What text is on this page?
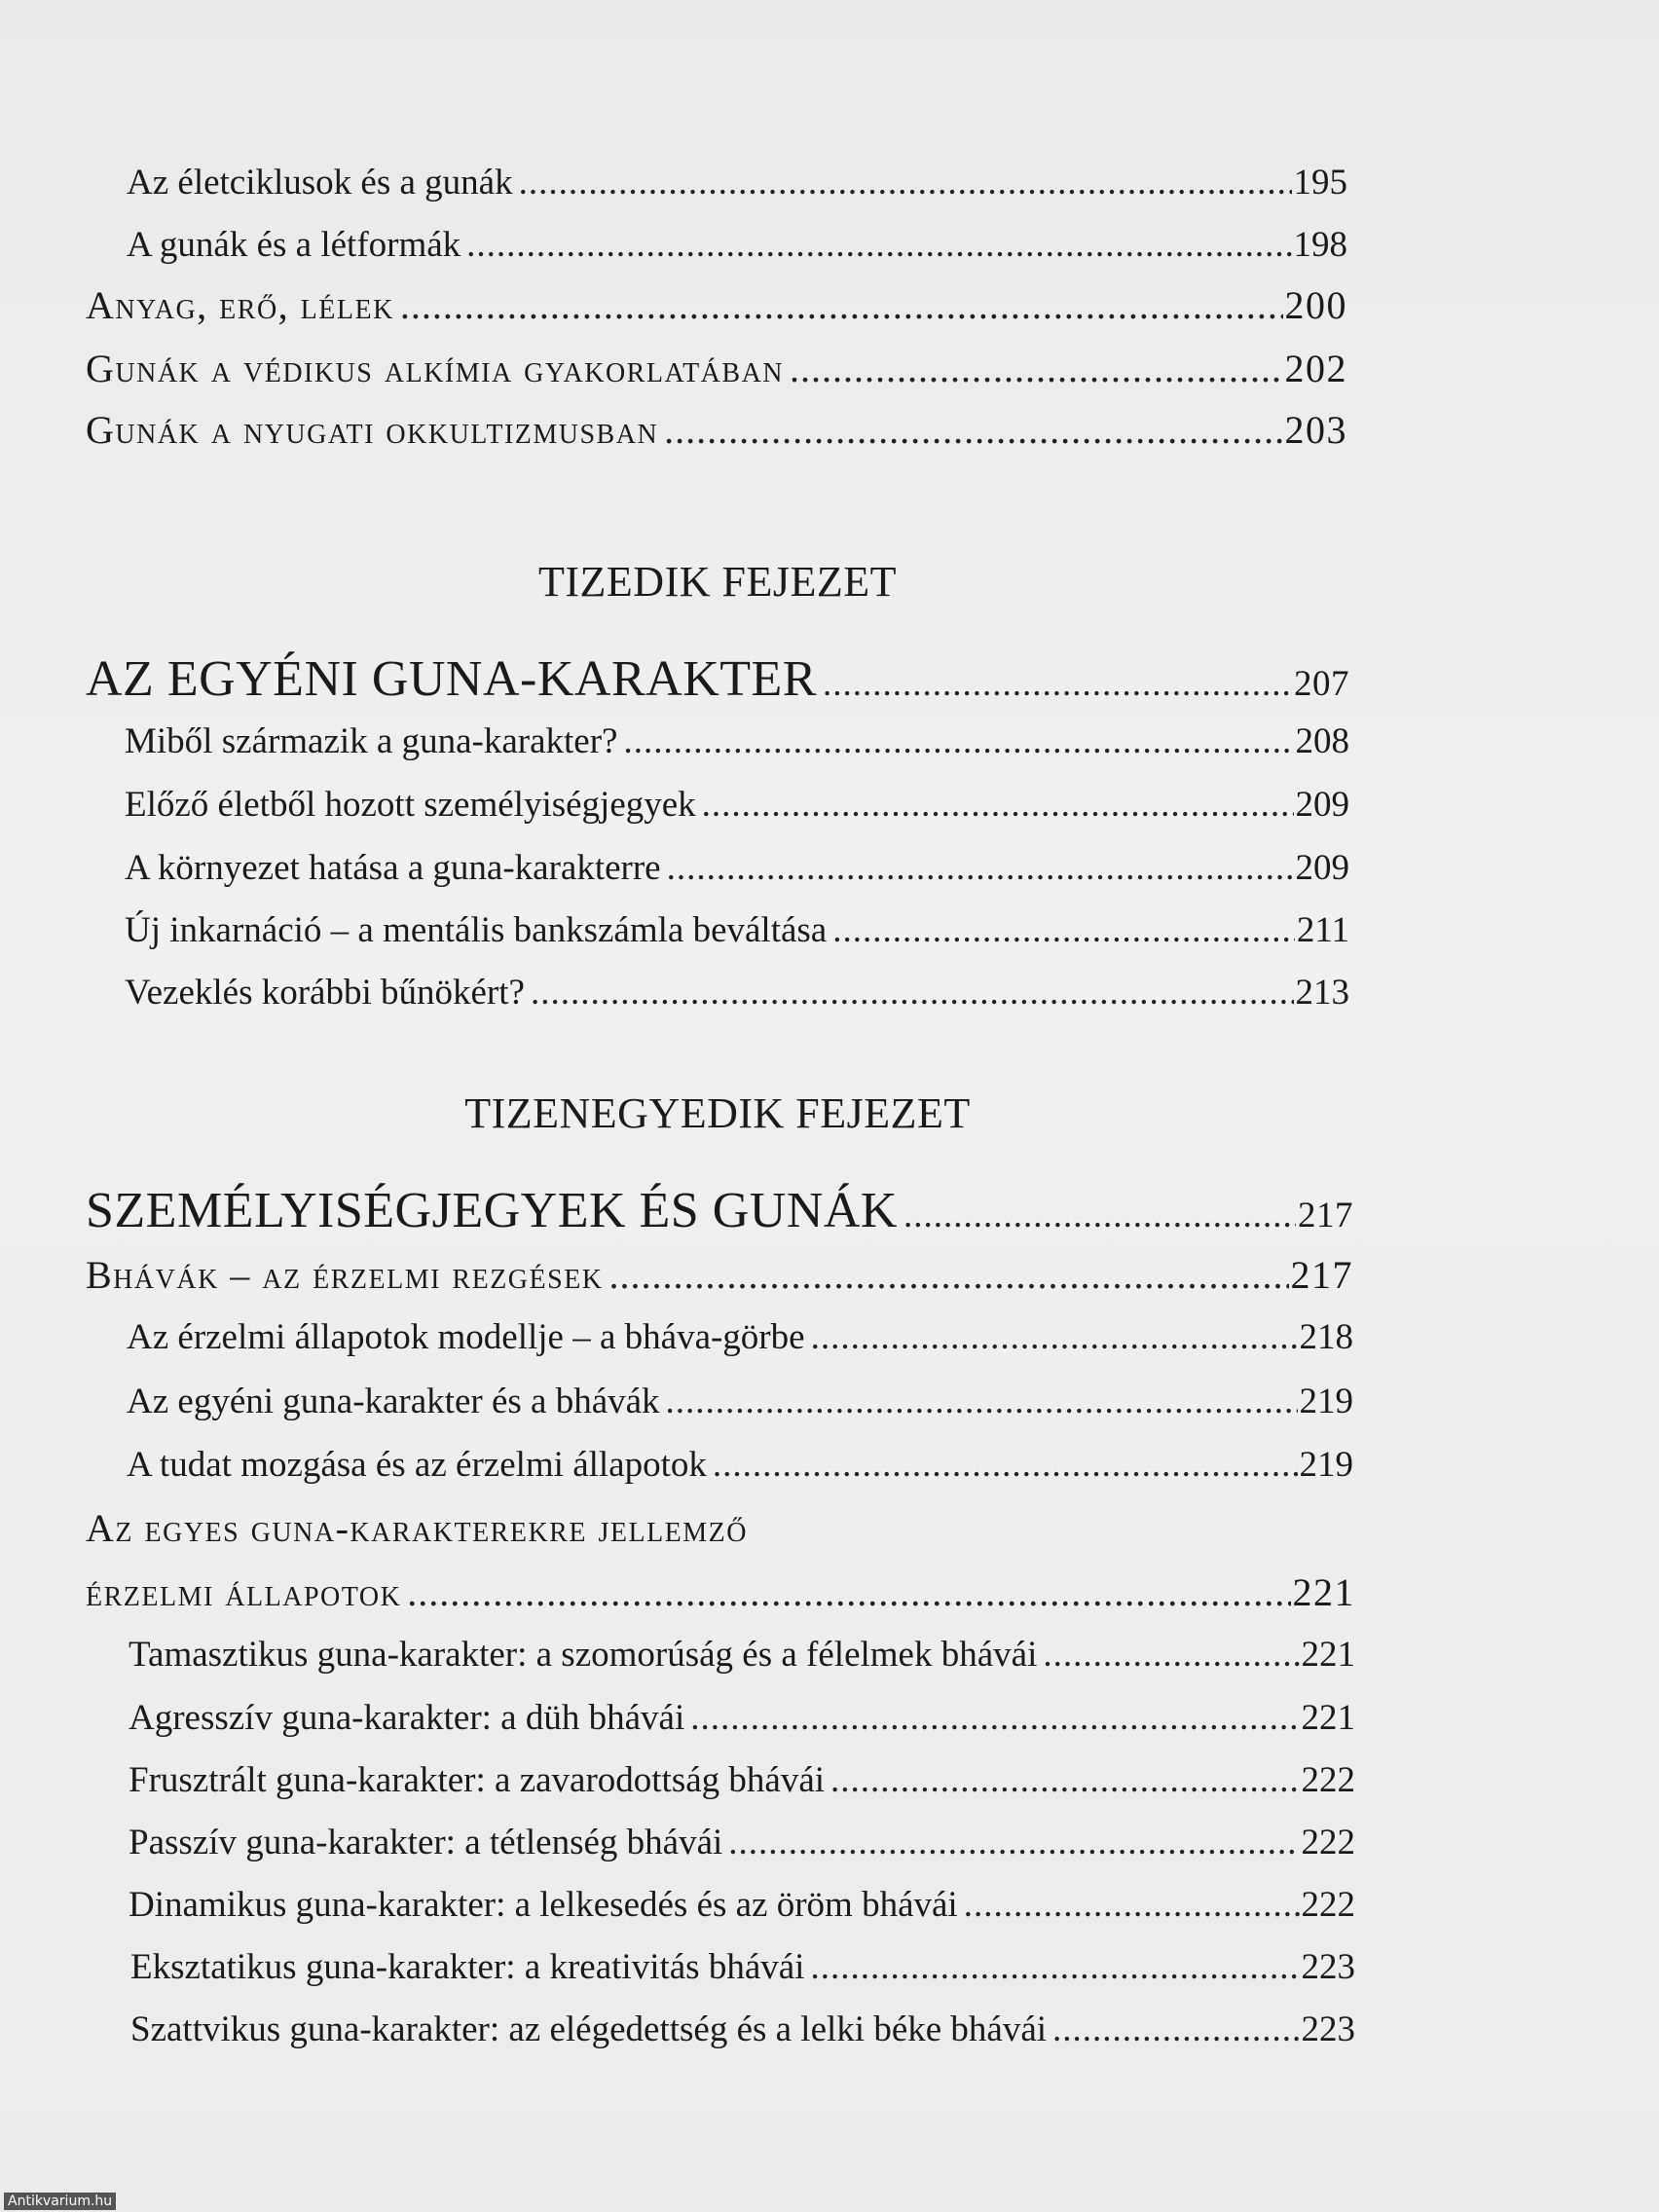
Az életciklusok és a gunák .....	195
A gunák és a létformák .....	198
Anyag, erő, lélek .....	200
Gunák a védikus alkímia gyakorlatában .....	202
Gunák a nyugati okkultizmusban .....	203
TIZEDIK FEJEZET
AZ EGYÉNI GUNA-KARAKTER .....	207
Miből származik a guna-karakter? .....	208
Előző életből hozott személyiségjegyek .....	209
A környezet hatása a guna-karakterre .....	209
Új inkarnáció – a mentális bankszámla beváltása .....	211
Vezeklés korábbi bűnökért? .....	213
TIZENEGYEDIK FEJEZET
SZEMÉLYISÉGJEGYEK ÉS GUNÁK .....	217
Bhávák – az érzelmi rezgések .....	217
Az érzelmi állapotok modellje – a bháva-görbe .....	218
Az egyéni guna-karakter és a bhávák .....	219
A tudat mozgása és az érzelmi állapotok .....	219
Az egyes guna-karakterekre jellemző
érzelmi állapotok .....	221
Tamasztikus guna-karakter: a szomorúság és a félelmek bhávái .....	221
Agresszív guna-karakter: a düh bhávái .....	221
Frusztrált guna-karakter: a zavarodottság bhávái .....	222
Passzív guna-karakter: a tétlenség bhávái .....	222
Dinamikus guna-karakter: a lelkesedés és az öröm bhávái .....	222
Eksztatikus guna-karakter: a kreativitás bhávái .....	223
Szattvikus guna-karakter: az elégedettség és a lelki béke bhávái .....	223
Antikvarium.hu
